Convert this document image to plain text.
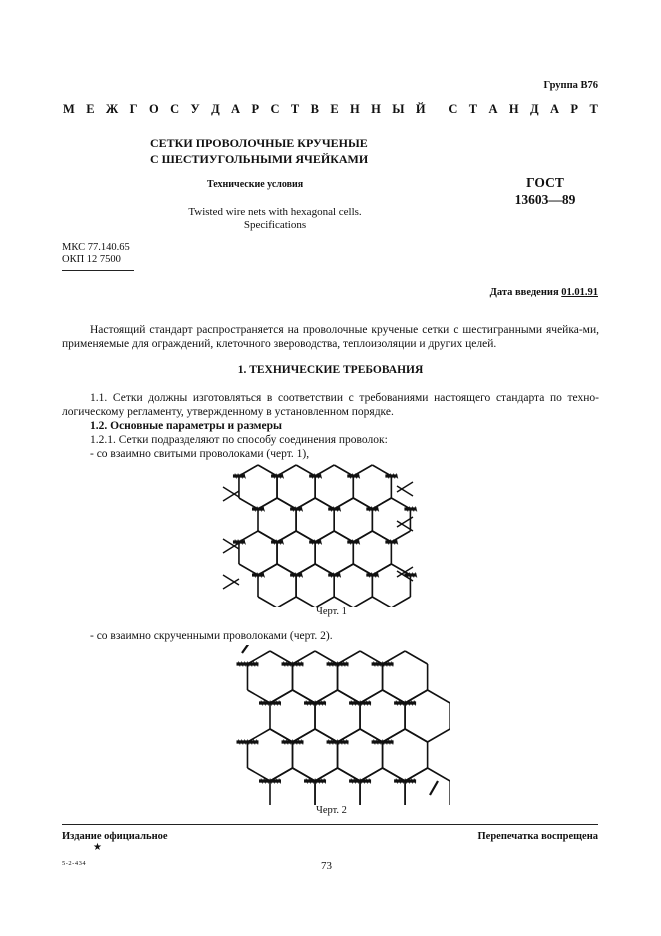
Группа В76
М Е Ж Г О С У Д А Р С Т В Е Н Н Ы Й С Т А Н Д А Р Т
СЕТКИ ПРОВОЛОЧНЫЕ КРУЧЕНЫЕ
С ШЕСТИУГОЛЬНЫМИ ЯЧЕЙКАМИ
Технические условия
Twisted wire nets with hexagonal cells.
Specifications
ГОСТ
13603—89
МКС 77.140.65
ОКП 12 7500
Дата введения 01.01.91
Настоящий стандарт распространяется на проволочные крученые сетки с шестигранными ячейка-ми, применяемые для ограждений, клеточного звероводства, теплоизоляции и других целей.
1. ТЕХНИЧЕСКИЕ ТРЕБОВАНИЯ
1.1. Сетки должны изготовляться в соответствии с требованиями настоящего стандарта по техно-логическому регламенту, утвержденному в установленном порядке.
1.2. Основные параметры и размеры
1.2.1. Сетки подразделяют по способу соединения проволок:
- со взаимно свитыми проволоками (черт. 1),
Черт. 1
- со взаимно скрученными проволоками (черт. 2).
Черт. 2
Издание официальное
★
Перепечатка воспрещена
5-2-434	73
